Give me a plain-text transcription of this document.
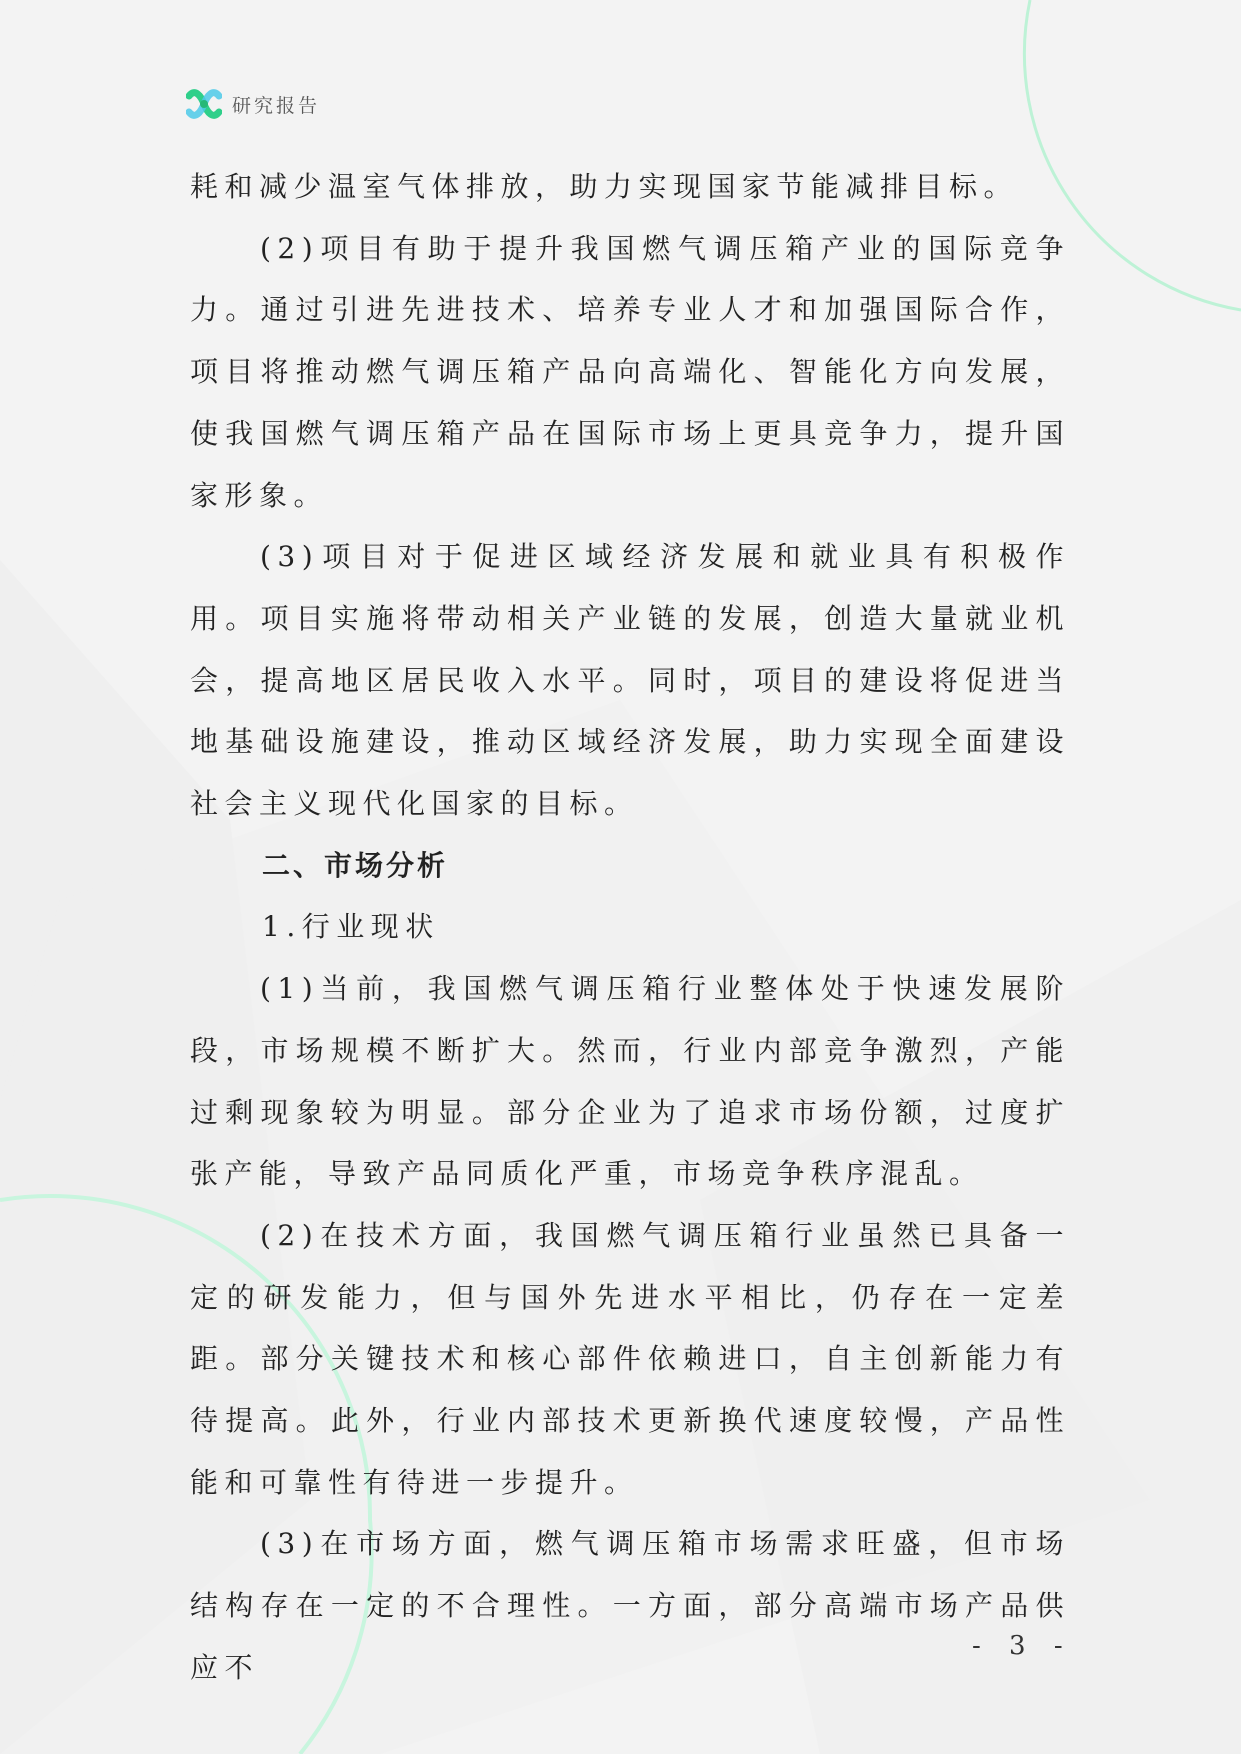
研究报告

耗和减少温室气体排放，助力实现国家节能减排目标。

(2)项目有助于提升我国燃气调压箱产业的国际竞争力。通过引进先进技术、培养专业人才和加强国际合作，项目将推动燃气调压箱产品向高端化、智能化方向发展，使我国燃气调压箱产品在国际市场上更具竞争力，提升国家形象。

(3)项目对于促进区域经济发展和就业具有积极作用。项目实施将带动相关产业链的发展，创造大量就业机会，提高地区居民收入水平。同时，项目的建设将促进当地基础设施建设，推动区域经济发展，助力实现全面建设社会主义现代化国家的目标。

二、市场分析

1.行业现状

(1)当前，我国燃气调压箱行业整体处于快速发展阶段，市场规模不断扩大。然而，行业内部竞争激烈，产能过剩现象较为明显。部分企业为了追求市场份额，过度扩张产能，导致产品同质化严重，市场竞争秩序混乱。

(2)在技术方面，我国燃气调压箱行业虽然已具备一定的研发能力，但与国外先进水平相比，仍存在一定差距。部分关键技术和核心部件依赖进口，自主创新能力有待提高。此外，行业内部技术更新换代速度较慢，产品性能和可靠性有待进一步提升。

(3)在市场方面，燃气调压箱市场需求旺盛，但市场结构存在一定的不合理性。一方面，部分高端市场产品供应不

- 3 -
